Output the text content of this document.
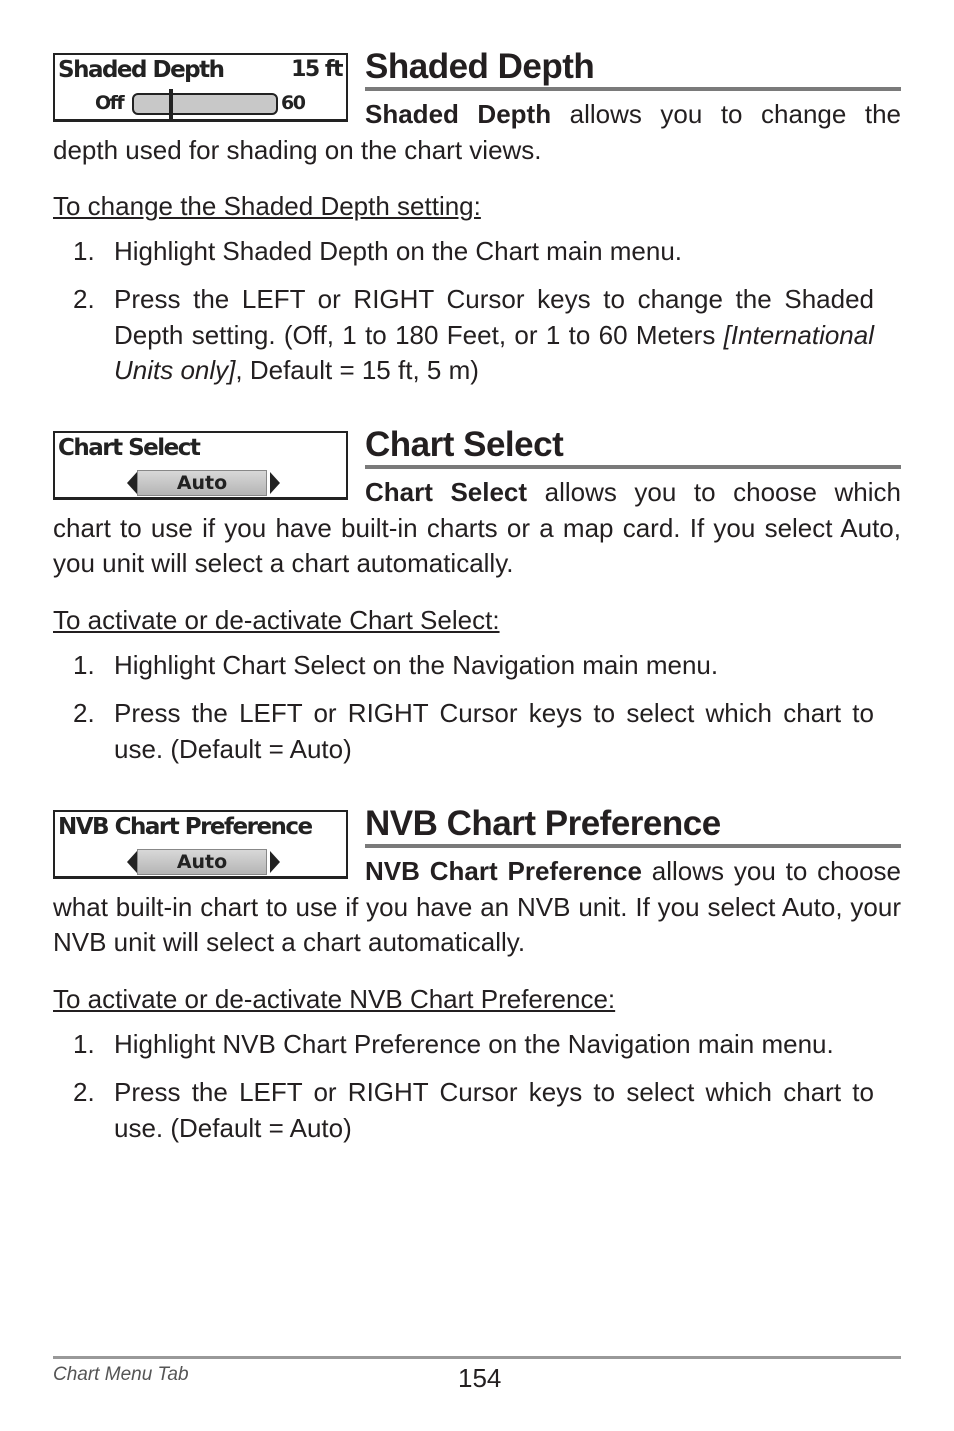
Shaded Depth	15 ft
Off	60
Shaded Depth

Shaded Depth allows you to change the depth used for shading on the chart views.

To change the Shaded Depth setting:

1. Highlight Shaded Depth on the Chart main menu.
2. Press the LEFT or RIGHT Cursor keys to change the Shaded Depth setting. (Off, 1 to 180 Feet, or 1 to 60 Meters [International Units only], Default = 15 ft, 5 m)
Chart Select
Auto
Chart Select

Chart Select allows you to choose which chart to use if you have built-in charts or a map card. If you select Auto, you unit will select a chart automatically.

To activate or de-activate Chart Select:

1. Highlight Chart Select on the Navigation main menu.
2. Press the LEFT or RIGHT Cursor keys to select which chart to use. (Default = Auto)
NVB Chart Preference
Auto
NVB Chart Preference

NVB Chart Preference allows you to choose what built-in chart to use if you have an NVB unit. If you select Auto, your NVB unit will select a chart automatically.

To activate or de-activate NVB Chart Preference:

1. Highlight NVB Chart Preference on the Navigation main menu.
2. Press the LEFT or RIGHT Cursor keys to select which chart to use. (Default = Auto)
Chart Menu Tab	154
